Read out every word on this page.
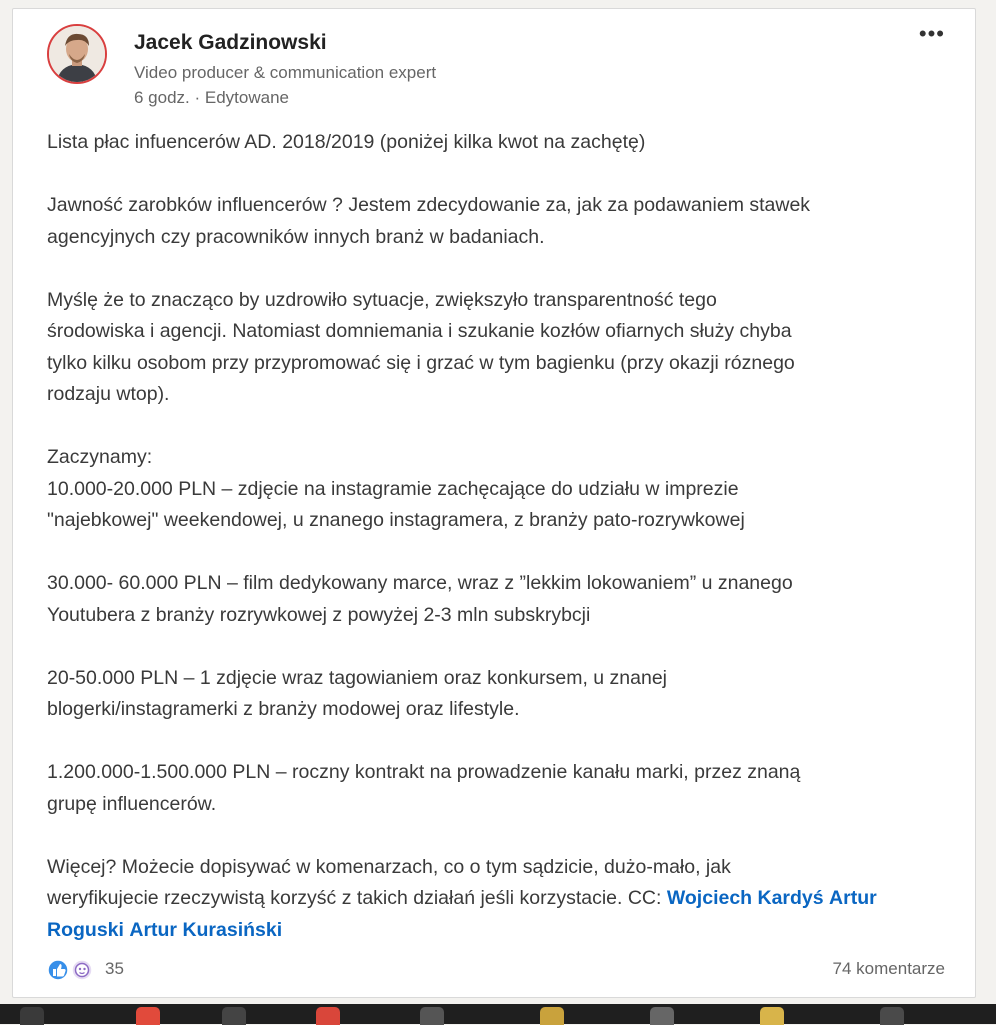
Jacek Gadzinowski
Video producer & communication expert
6 godz. · Edytowane
•••

Lista płac infuencerów AD. 2018/2019 (poniżej kilka kwot na zachętę)

Jawność zarobków influencerów ? Jestem zdecydowanie za, jak za podawaniem stawek
agencyjnych czy pracowników innych branż w badaniach.

Myślę że to znacząco by uzdrowiło sytuacje, zwiększyło transparentność tego
środowiska i agencji. Natomiast domniemania i szukanie kozłów ofiarnych służy chyba
tylko kilku osobom przy przypromować się i grzać w tym bagienku (przy okazji róznego
rodzaju wtop).

Zaczynamy:
10.000-20.000 PLN – zdjęcie na instagramie zachęcające do udziału w imprezie
"najebkowej" weekendowej, u znanego instagramera, z branży pato-rozrywkowej

30.000- 60.000 PLN – film dedykowany marce, wraz z ”lekkim lokowaniem” u znanego
Youtubera z branży rozrywkowej z powyżej 2-3 mln subskrybcji

20-50.000 PLN – 1 zdjęcie wraz tagowianiem oraz konkursem, u znanej
blogerki/instagramerki z branży modowej oraz lifestyle.

1.200.000-1.500.000 PLN – roczny kontrakt na prowadzenie kanału marki, przez znaną
grupę influencerów.

Więcej? Możecie dopisywać w komenarzach, co o tym sądzicie, dużo-mało, jak
weryfikujecie rzeczywistą korzyść z takich działań jeśli korzystacie. CC: Wojciech Kardyś Artur Roguski Artur Kurasiński

35	74 komentarze
